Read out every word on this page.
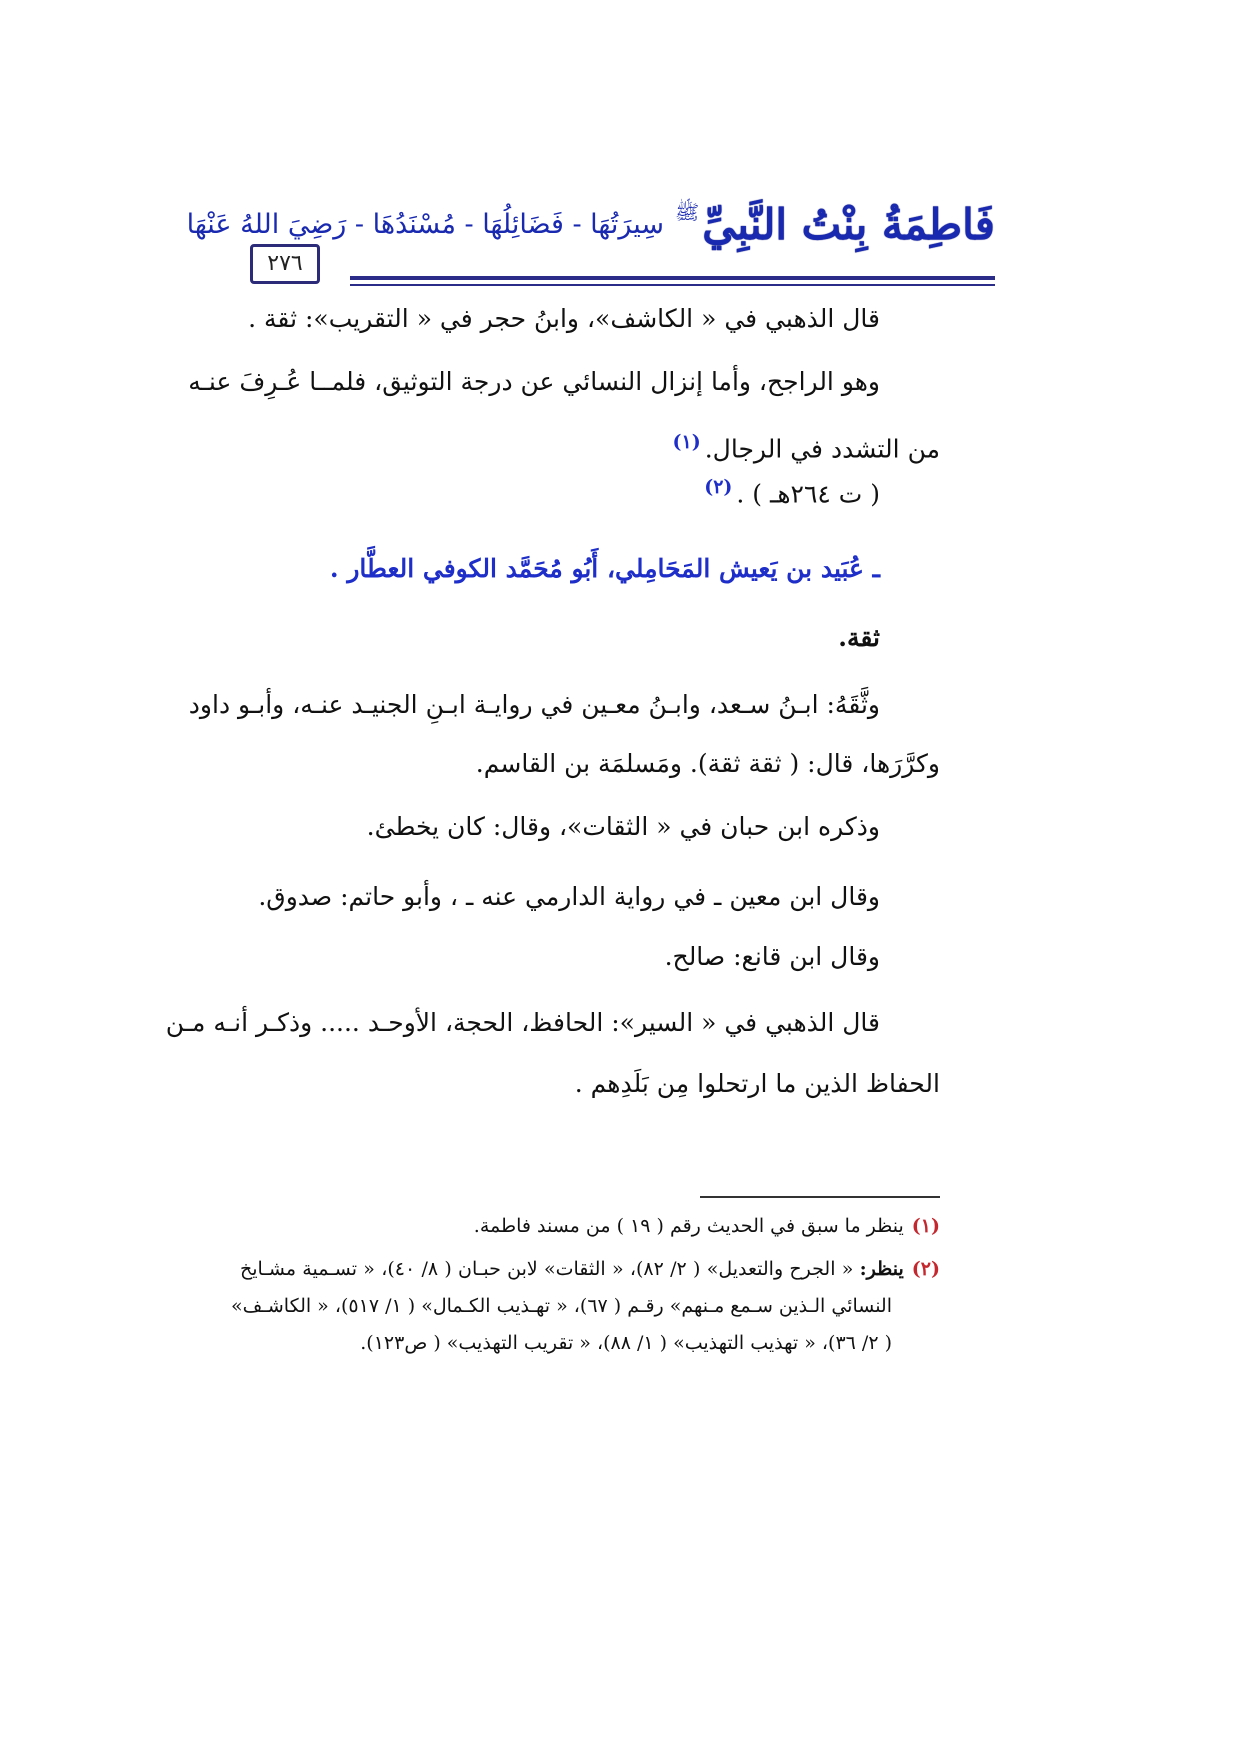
٢٧٦
فَاطِمَةُ بِنْتُ النَّبِيِّﷺسِيرَتُهَا - فَضَائِلُهَا - مُسْنَدُهَا - رَضِيَ اللهُ عَنْهَا
قال الذهبي في « الكاشف»، وابنُ حجر في « التقريب»: ثقة .
وهو الراجح، وأما إنزال النسائي عن درجة التوثيق، فلمــا عُـرِفَ عنـه
من التشدد في الرجال.$^{(١)}$
( ت ٢٦٤هـ ) .$^{(٢)}$
ـ عُبَيد بن يَعيش المَحَامِلي، أَبُو مُحَمَّد الكوفي العطَّار .
ثقة.
وثَّقَهُ: ابـنُ سـعد، وابـنُ معـين في روايـة ابـنِ الجنيـد عنـه، وأبـو داود
وكرَّرَها، قال: ( ثقة ثقة). ومَسلمَة بن القاسم.
وذكره ابن حبان في « الثقات»، وقال: كان يخطئ.
وقال ابن معين ـ في رواية الدارمي عنه ـ ، وأبو حاتم: صدوق.
وقال ابن قانع: صالح.
قال الذهبي في « السير»: الحافظ، الحجة، الأوحـد ..... وذكـر أنـه مـن
الحفاظ الذين ما ارتحلوا مِن بَلَدِهم .
(١)ينظر ما سبق في الحديث رقم ( ١٩ ) من مسند فاطمة.
(٢)ينظر: « الجرح والتعديل» ( ٢/ ٨٢)، « الثقات» لابن حبـان ( ٨/ ٤٠)، « تسـمية مشـايخ
النسائي الـذين سـمع مـنهم» رقـم ( ٦٧)، « تهـذيب الكـمال» ( ١/ ٥١٧)، « الكاشـف»
( ٢/ ٣٦)، « تهذيب التهذيب» ( ١/ ٨٨)، « تقريب التهذيب» ( ص١٢٣).
